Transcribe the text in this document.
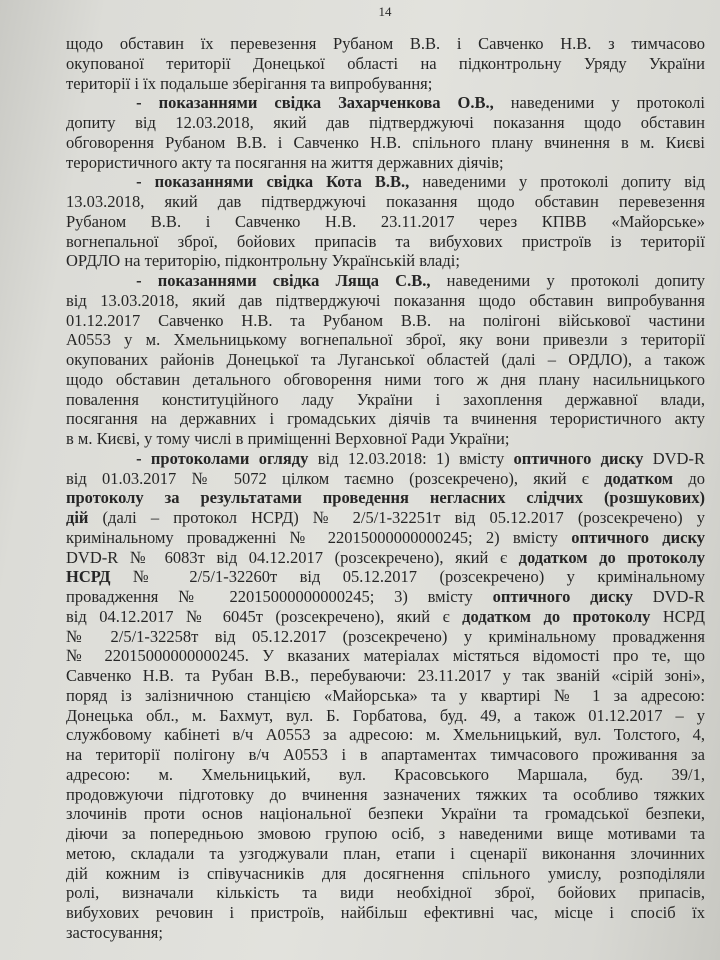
14
щодо обставин їх перевезення Рубаном В.В. і Савченко Н.В. з тимчасово
окупованої території Донецької області на підконтрольну Уряду України
території і їх подальше зберігання та випробування;
- показаннями свідка Захарченкова О.В., наведеними у протоколі
допиту від 12.03.2018, який дав підтверджуючі показання щодо обставин
обговорення Рубаном В.В. і Савченко Н.В. спільного плану вчинення в м. Києві
терористичного акту та посягання на життя державних діячів;
- показаннями свідка Кота В.В., наведеними у протоколі допиту від
13.03.2018, який дав підтверджуючі показання щодо обставин перевезення
Рубаном В.В. і Савченко Н.В. 23.11.2017 через КПВВ «Майорське»
вогнепальної зброї, бойових припасів та вибухових пристроїв із території
ОРДЛО на територію, підконтрольну Українській владі;
- показаннями свідка Ляща С.В., наведеними у протоколі допиту
від 13.03.2018, який дав підтверджуючі показання щодо обставин випробування
01.12.2017 Савченко Н.В. та Рубаном В.В. на полігоні військової частини
А0553 у м. Хмельницькому вогнепальної зброї, яку вони привезли з території
окупованих районів Донецької та Луганської областей (далі – ОРДЛО), а також
щодо обставин детального обговорення ними того ж дня плану насильницького
повалення конституційного ладу України і захоплення державної влади,
посягання на державних і громадських діячів та вчинення терористичного акту
в м. Києві, у тому числі в приміщенні Верховної Ради України;
- протоколами огляду від 12.03.2018: 1) вмісту оптичного диску DVD-R
від 01.03.2017 № 5072 цілком таємно (розсекречено), який є додатком до
протоколу за результатами проведення негласних слідчих (розшукових)
дій (далі – протокол НСРД) № 2/5/1-32251т від 05.12.2017 (розсекречено) у
кримінальному провадженні № 22015000000000245; 2) вмісту оптичного диску
DVD-R № 6083т від 04.12.2017 (розсекречено), який є додатком до протоколу
НСРД № 2/5/1-32260т від 05.12.2017 (розсекречено) у кримінальному
провадження № 22015000000000245; 3) вмісту оптичного диску DVD-R
від 04.12.2017 № 6045т (розсекречено), який є додатком до протоколу НСРД
№ 2/5/1-32258т від 05.12.2017 (розсекречено) у кримінальному провадження
№ 22015000000000245. У вказаних матеріалах містяться відомості про те, що
Савченко Н.В. та Рубан В.В., перебуваючи: 23.11.2017 у так званій «сірій зоні»,
поряд із залізничною станцією «Майорська» та у квартирі № 1 за адресою:
Донецька обл., м. Бахмут, вул. Б. Горбатова, буд. 49, а також 01.12.2017 – у
службовому кабінеті в/ч А0553 за адресою: м. Хмельницький, вул. Толстого, 4,
на території полігону в/ч А0553 і в апартаментах тимчасового проживання за
адресою: м. Хмельницький, вул. Красовського Маршала, буд. 39/1,
продовжуючи підготовку до вчинення зазначених тяжких та особливо тяжких
злочинів проти основ національної безпеки України та громадської безпеки,
діючи за попередньою змовою групою осіб, з наведеними вище мотивами та
метою, складали та узгоджували план, етапи і сценарії виконання злочинних
дій кожним із співучасників для досягнення спільного умислу, розподіляли
ролі, визначали кількість та види необхідної зброї, бойових припасів,
вибухових речовин і пристроїв, найбільш ефективні час, місце і спосіб їх
застосування;
